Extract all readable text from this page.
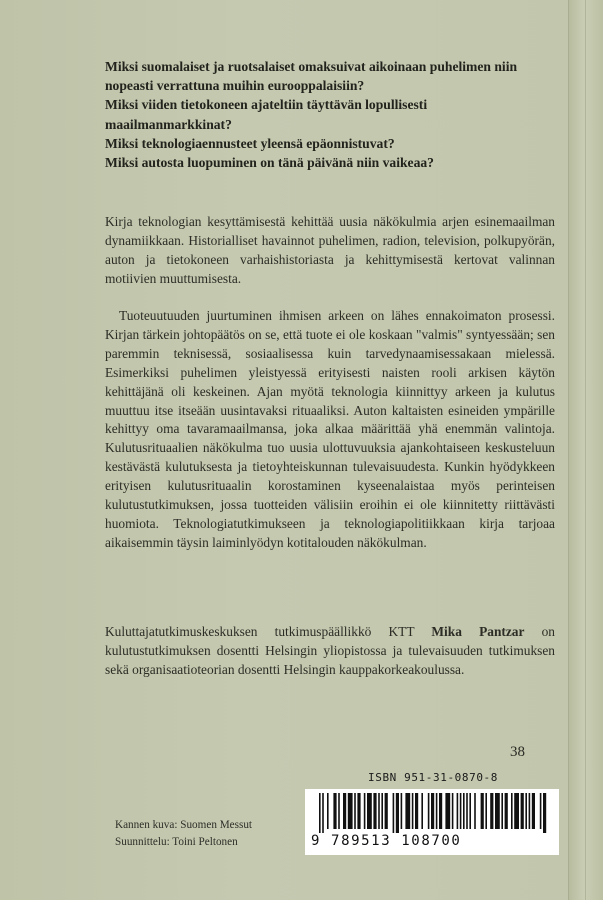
Miksi suomalaiset ja ruotsalaiset omaksuivat aikoinaan puhelimen niin nopeasti verrattuna muihin eurooppalaisiin?

Miksi viiden tietokoneen ajateltiin täyttävän lopullisesti maailmanmarkkinat?

Miksi teknologiaennusteet yleensä epäonnistuvat?

Miksi autosta luopuminen on tänä päivänä niin vaikeaa?

Kirja teknologian kesyttämisestä kehittää uusia näkökulmia arjen esinemaailman dynamiikkaan. Historialliset havainnot puhelimen, radion, television, polkupyörän, auton ja tietokoneen varhaishistoriasta ja kehittymisestä kertovat valinnan motiivien muuttumisesta.

Tuoteuutuuden juurtuminen ihmisen arkeen on lähes ennakoimaton prosessi. Kirjan tärkein johtopäätös on se, että tuote ei ole koskaan "valmis" syntyessään; sen paremmin teknisessä, sosiaalisessa kuin tarvedynaamisessakaan mielessä. Esimerkiksi puhelimen yleistyessä erityisesti naisten rooli arkisen käytön kehittäjänä oli keskeinen. Ajan myötä teknologia kiinnittyy arkeen ja kulutus muuttuu itse itseään uusintavaksi rituaaliksi. Auton kaltaisten esineiden ympärille kehittyy oma tavaramaailmansa, joka alkaa määrittää yhä enemmän valintoja. Kulutusrituaalien näkökulma tuo uusia ulottuvuuksia ajankohtaiseen keskusteluun kestävästä kulutuksesta ja tietoyhteiskunnan tulevaisuudesta. Kunkin hyödykkeen erityisen kulutusrituaalin korostaminen kyseenalaistaa myös perinteisen kulutustutkimuksen, jossa tuotteiden välisiin eroihin ei ole kiinnitetty riittävästi huomiota. Teknologiatutkimukseen ja teknologiapolitiikkaan kirja tarjoaa aikaisemmin täysin laiminlyödyn kotitalouden näkökulman.

Kuluttajatutkimuskeskuksen tutkimuspäällikkö KTT Mika Pantzar on kulutustutkimuksen dosentti Helsingin yliopistossa ja tulevaisuuden tutkimuksen sekä organisaatioteorian dosentti Helsingin kauppakorkeakoulussa.

38
ISBN 951-31-0870-8
9 789513 108700

Kannen kuva: Suomen Messut

Suunnittelu: Toini Peltonen
